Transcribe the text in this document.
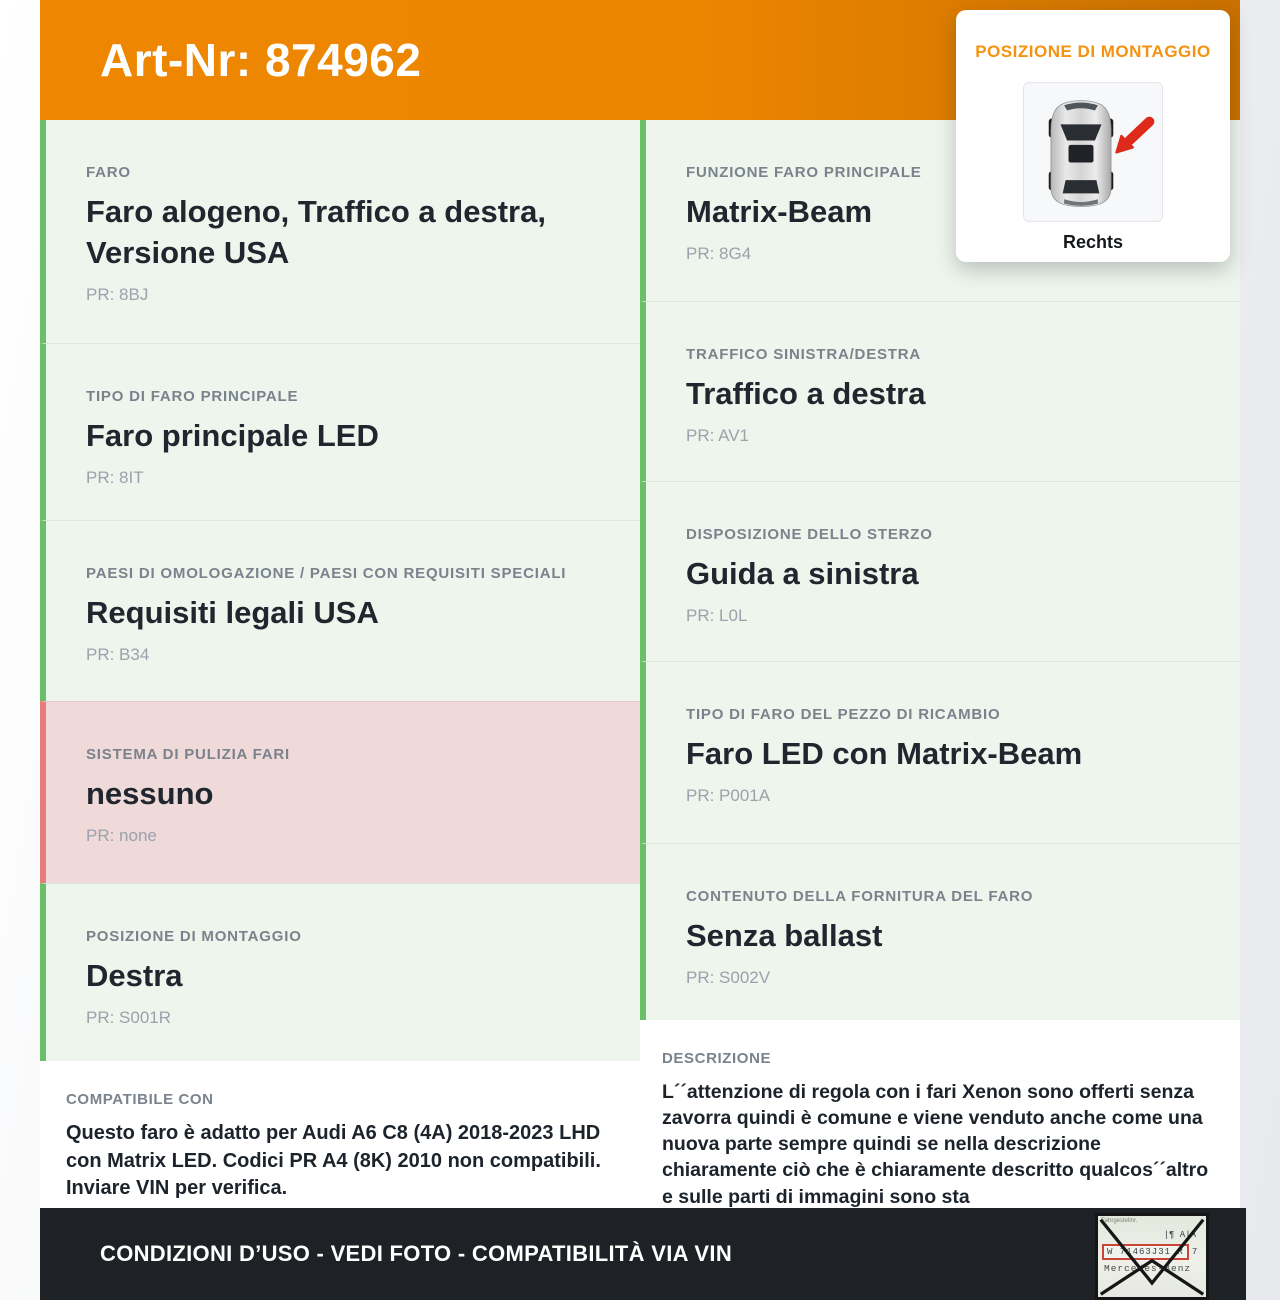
Art-Nr: 874962
FARO
Faro alogeno, Traffico a destra, Versione USA
PR: 8BJ
TIPO DI FARO PRINCIPALE
Faro principale LED
PR: 8IT
PAESI DI OMOLOGAZIONE / PAESI CON REQUISITI SPECIALI
Requisiti legali USA
PR: B34
SISTEMA DI PULIZIA FARI
nessuno
PR: none
POSIZIONE DI MONTAGGIO
Destra
PR: S001R
COMPATIBILE CON
Questo faro è adatto per Audi A6 C8 (4A) 2018-2023 LHD con Matrix LED. Codici PR A4 (8K) 2010 non compatibili. Inviare VIN per verifica.
FUNZIONE FARO PRINCIPALE
Matrix-Beam
PR: 8G4
TRAFFICO SINISTRA/DESTRA
Traffico a destra
PR: AV1
DISPOSIZIONE DELLO STERZO
Guida a sinistra
PR: L0L
TIPO DI FARO DEL PEZZO DI RICAMBIO
Faro LED con Matrix-Beam
PR: P001A
CONTENUTO DELLA FORNITURA DEL FARO
Senza ballast
PR: S002V
DESCRIZIONE
L´´attenzione di regola con i fari Xenon sono offerti senza zavorra quindi è comune e viene venduto anche come una nuova parte sempre quindi se nella descrizione chiaramente ciò che è chiaramente descritto qualcos´´altro e sulle parti di immagini sono sta
CONDIZIONI D’USO - VEDI FOTO - COMPATIBILITÀ VIA VIN
Fahrgestellnr.
|¶ A|A
W 71463J31 R 7
Mercedes-Benz
POSIZIONE DI MONTAGGIO
Rechts
